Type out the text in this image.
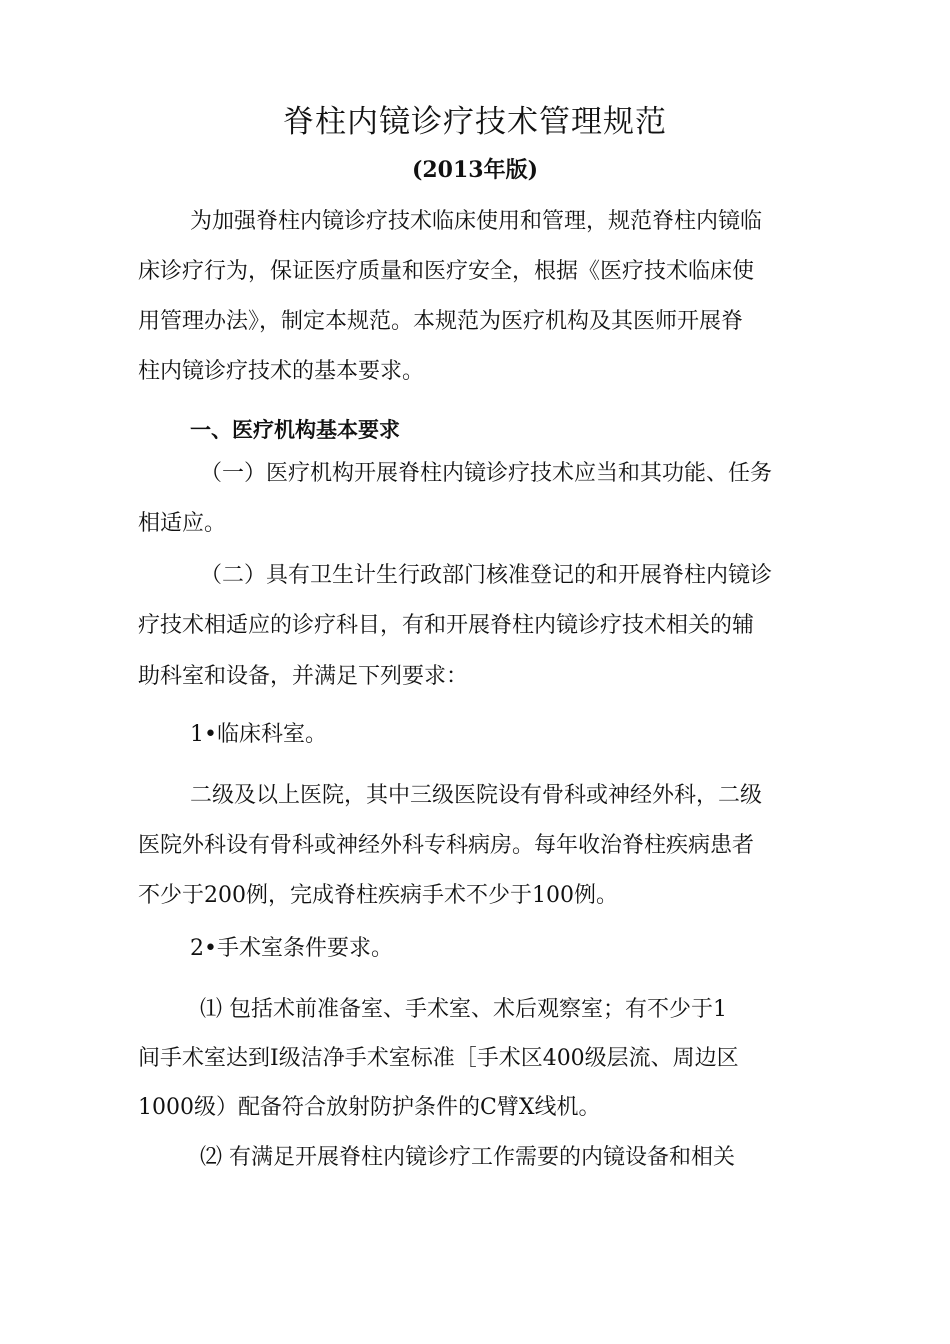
脊柱内镜诊疗技术管理规范
(2013年版)
为加强脊柱内镜诊疗技术临床使用和管理，规范脊柱内镜临
床诊疗行为，保证医疗质量和医疗安全，根据《医疗技术临床使
用管理办法》，制定本规范。本规范为医疗机构及其医师开展脊
柱内镜诊疗技术的基本要求。
一、医疗机构基本要求
（一）医疗机构开展脊柱内镜诊疗技术应当和其功能、任务
相适应。
（二）具有卫生计生行政部门核准登记的和开展脊柱内镜诊
疗技术相适应的诊疗科目，有和开展脊柱内镜诊疗技术相关的辅
助科室和设备，并满足下列要求：
1•临床科室。
二级及以上医院，其中三级医院设有骨科或神经外科，二级
医院外科设有骨科或神经外科专科病房。每年收治脊柱疾病患者
不少于200例，完成脊柱疾病手术不少于100例。
2•手术室条件要求。
⑴ 包括术前准备室、手术室、术后观察室；有不少于1
间手术室达到I级洁净手术室标准［手术区400级层流、周边区
1000级）配备符合放射防护条件的C臂X线机。
⑵ 有满足开展脊柱内镜诊疗工作需要的内镜设备和相关
